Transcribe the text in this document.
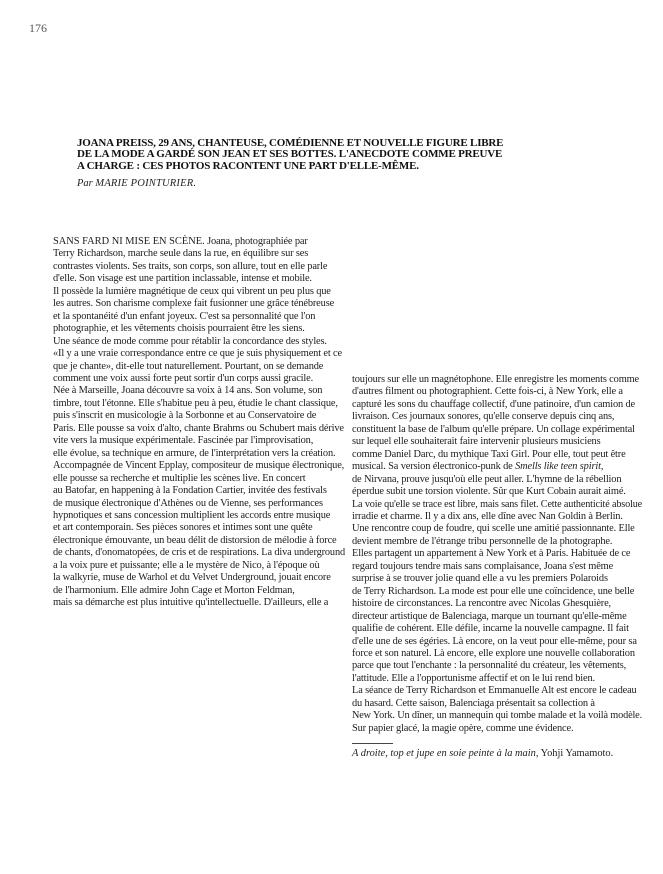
176
JOANA PREISS, 29 ANS, CHANTEUSE, COMÉDIENNE ET NOUVELLE FIGURE LIBRE
DE LA MODE A GARDÉ SON JEAN ET SES BOTTES. L'ANECDOTE COMME PREUVE
A CHARGE : CES PHOTOS RACONTENT UNE PART D'ELLE-MÊME.
Par MARIE POINTURIER.
SANS FARD NI MISE EN SCÈNE. Joana, photographiée par
Terry Richardson, marche seule dans la rue, en équilibre sur ses
contrastes violents. Ses traits, son corps, son allure, tout en elle parle
d'elle. Son visage est une partition inclassable, intense et mobile.
Il possède la lumière magnétique de ceux qui vibrent un peu plus que
les autres. Son charisme complexe fait fusionner une grâce ténébreuse
et la spontanéité d'un enfant joyeux. C'est sa personnalité que l'on
photographie, et les vêtements choisis pourraient être les siens.
Une séance de mode comme pour rétablir la concordance des styles.
«Il y a une vraie correspondance entre ce que je suis physiquement et ce
que je chante», dit-elle tout naturellement. Pourtant, on se demande
comment une voix aussi forte peut sortir d'un corps aussi gracile.
Née à Marseille, Joana découvre sa voix à 14 ans. Son volume, son
timbre, tout l'étonne. Elle s'habitue peu à peu, étudie le chant classique,
puis s'inscrit en musicologie à la Sorbonne et au Conservatoire de
Paris. Elle pousse sa voix d'alto, chante Brahms ou Schubert mais dérive
vite vers la musique expérimentale. Fascinée par l'improvisation,
elle évolue, sa technique en armure, de l'interprétation vers la création.
Accompagnée de Vincent Epplay, compositeur de musique électronique,
elle pousse sa recherche et multiplie les scènes live. En concert
au Batofar, en happening à la Fondation Cartier, invitée des festivals
de musique électronique d'Athènes ou de Vienne, ses performances
hypnotiques et sans concession multiplient les accords entre musique
et art contemporain. Ses pièces sonores et intimes sont une quête
électronique émouvante, un beau délit de distorsion de mélodie à force
de chants, d'onomatopées, de cris et de respirations. La diva underground
a la voix pure et puissante; elle a le mystère de Nico, à l'époque où
la walkyrie, muse de Warhol et du Velvet Underground, jouait encore
de l'harmonium. Elle admire John Cage et Morton Feldman,
mais sa démarche est plus intuitive qu'intellectuelle. D'ailleurs, elle a
toujours sur elle un magnétophone. Elle enregistre les moments comme
d'autres filment ou photographient. Cette fois-ci, à New York, elle a
capturé les sons du chauffage collectif, d'une patinoire, d'un camion de
livraison. Ces journaux sonores, qu'elle conserve depuis cinq ans,
constituent la base de l'album qu'elle prépare. Un collage expérimental
sur lequel elle souhaiterait faire intervenir plusieurs musiciens
comme Daniel Darc, du mythique Taxi Girl. Pour elle, tout peut être
musical. Sa version électronico-punk de Smells like teen spirit,
de Nirvana, prouve jusqu'où elle peut aller. L'hymne de la rébellion
éperdue subit une torsion violente. Sûr que Kurt Cobain aurait aimé.
La voie qu'elle se trace est libre, mais sans filet. Cette authenticité absolue
irradie et charme. Il y a dix ans, elle dîne avec Nan Goldin à Berlin.
Une rencontre coup de foudre, qui scelle une amitié passionnante. Elle
devient membre de l'étrange tribu personnelle de la photographe.
Elles partagent un appartement à New York et à Paris. Habituée de ce
regard toujours tendre mais sans complaisance, Joana s'est même
surprise à se trouver jolie quand elle a vu les premiers Polaroids
de Terry Richardson. La mode est pour elle une coïncidence, une belle
histoire de circonstances. La rencontre avec Nicolas Ghesquière,
directeur artistique de Balenciaga, marque un tournant qu'elle-même
qualifie de cohérent. Elle défile, incarne la nouvelle campagne. Il fait
d'elle une de ses égéries. Là encore, on la veut pour elle-même, pour sa
force et son naturel. Là encore, elle explore une nouvelle collaboration
parce que tout l'enchante : la personnalité du créateur, les vêtements,
l'attitude. Elle a l'opportunisme affectif et on le lui rend bien.
La séance de Terry Richardson et Emmanuelle Alt est encore le cadeau
du hasard. Cette saison, Balenciaga présentait sa collection à
New York. Un dîner, un mannequin qui tombe malade et la voilà modèle.
Sur papier glacé, la magie opère, comme une évidence.
A droite, top et jupe en soie peinte à la main, Yohji Yamamoto.
